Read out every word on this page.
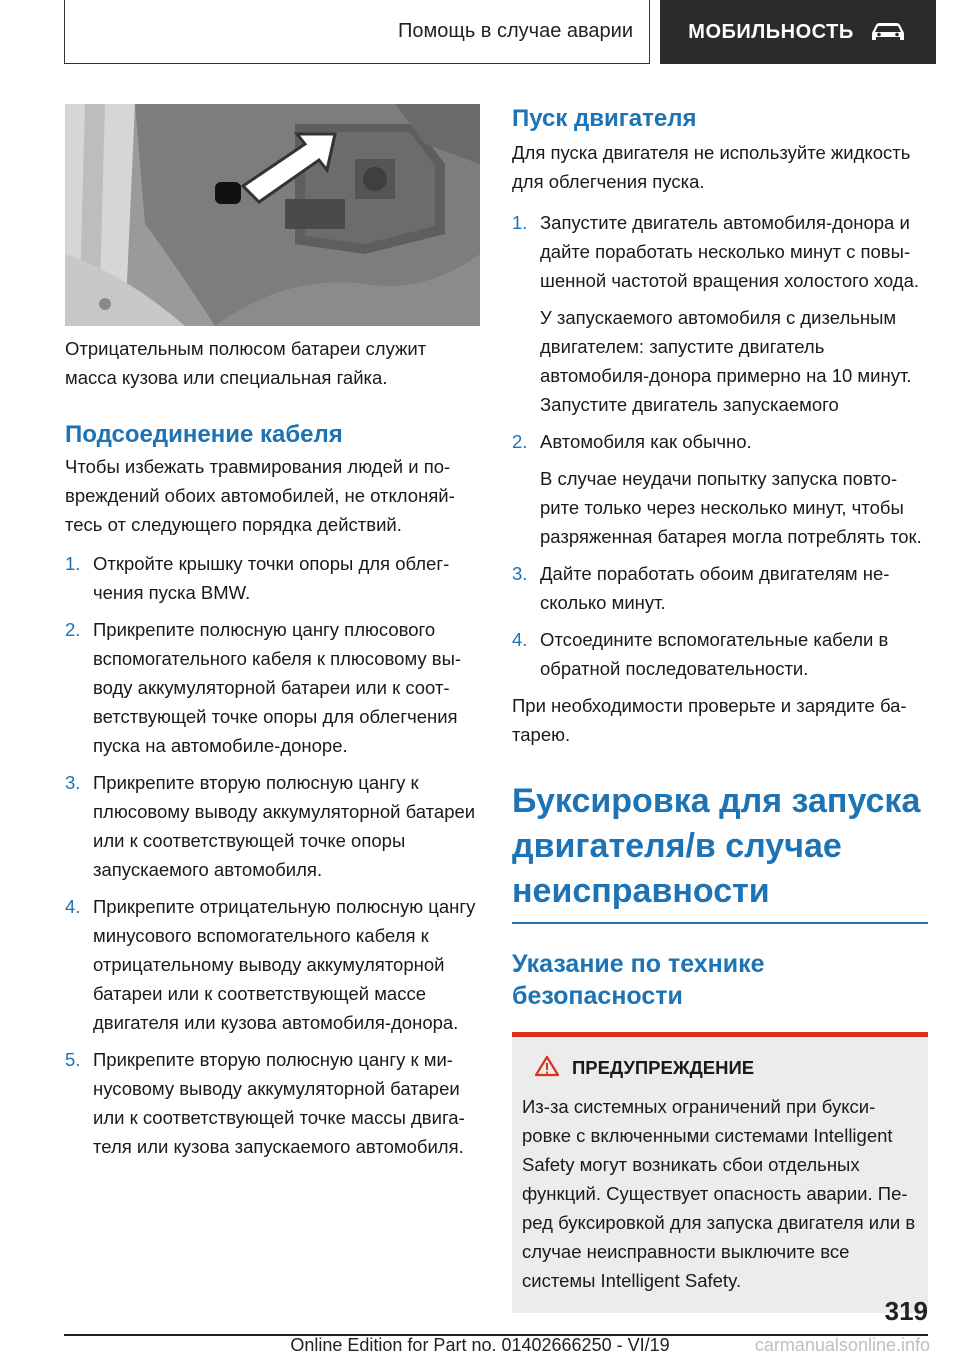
Помощь в случае аварии	МОБИЛЬНОСТЬ

Отрицательным полюсом батареи служит масса кузова или специальная гайка.

Подсоединение кабеля

Чтобы избежать травмирования людей и повреждений обоих автомобилей, не отклоняйтесь от следующего порядка действий.

1. Откройте крышку точки опоры для облегчения пуска BMW.
2. Прикрепите полюсную цангу плюсового вспомогательного кабеля к плюсовому выводу аккумуляторной батареи или к соответствующей точке опоры для облегчения пуска на автомобиле-доноре.
3. Прикрепите вторую полюсную цангу к плюсовому выводу аккумуляторной батареи или к соответствующей точке опоры запускаемого автомобиля.
4. Прикрепите отрицательную полюсную цангу минусового вспомогательного кабеля к отрицательному выводу аккумуляторной батареи или к соответствующей массе двигателя или кузова автомобиля-донора.
5. Прикрепите вторую полюсную цангу к минусовому выводу аккумуляторной батареи или к соответствующей точке массы двигателя или кузова запускаемого автомобиля.
Пуск двигателя

Для пуска двигателя не используйте жидкость для облегчения пуска.

1. Запустите двигатель автомобиля-донора и дайте поработать несколько минут с повышенной частотой вращения холостого хода.
У запускаемого автомобиля с дизельным двигателем: запустите двигатель автомобиля-донора примерно на 10 минут. Запустите двигатель запускаемого
2. Автомобиля как обычно.
В случае неудачи попытку запуска повторите только через несколько минут, чтобы разряженная батарея могла потреблять ток.
3. Дайте поработать обоим двигателям несколько минут.
4. Отсоедините вспомогательные кабели в обратной последовательности.

При необходимости проверьте и зарядите батарею.

Буксировка для запуска
двигателя/в случае
неисправности
Указание по технике
безопасности
ПРЕДУПРЕЖДЕНИЕ

Из-за системных ограничений при буксировке с включенными системами Intelligent Safety могут возникать сбои отдельных функций. Существует опасность аварии. Перед буксировкой для запуска двигателя или в случае неисправности выключите все системы Intelligent Safety.

319
Online Edition for Part no. 01402666250 - VI/19	carmanualsonline.info
